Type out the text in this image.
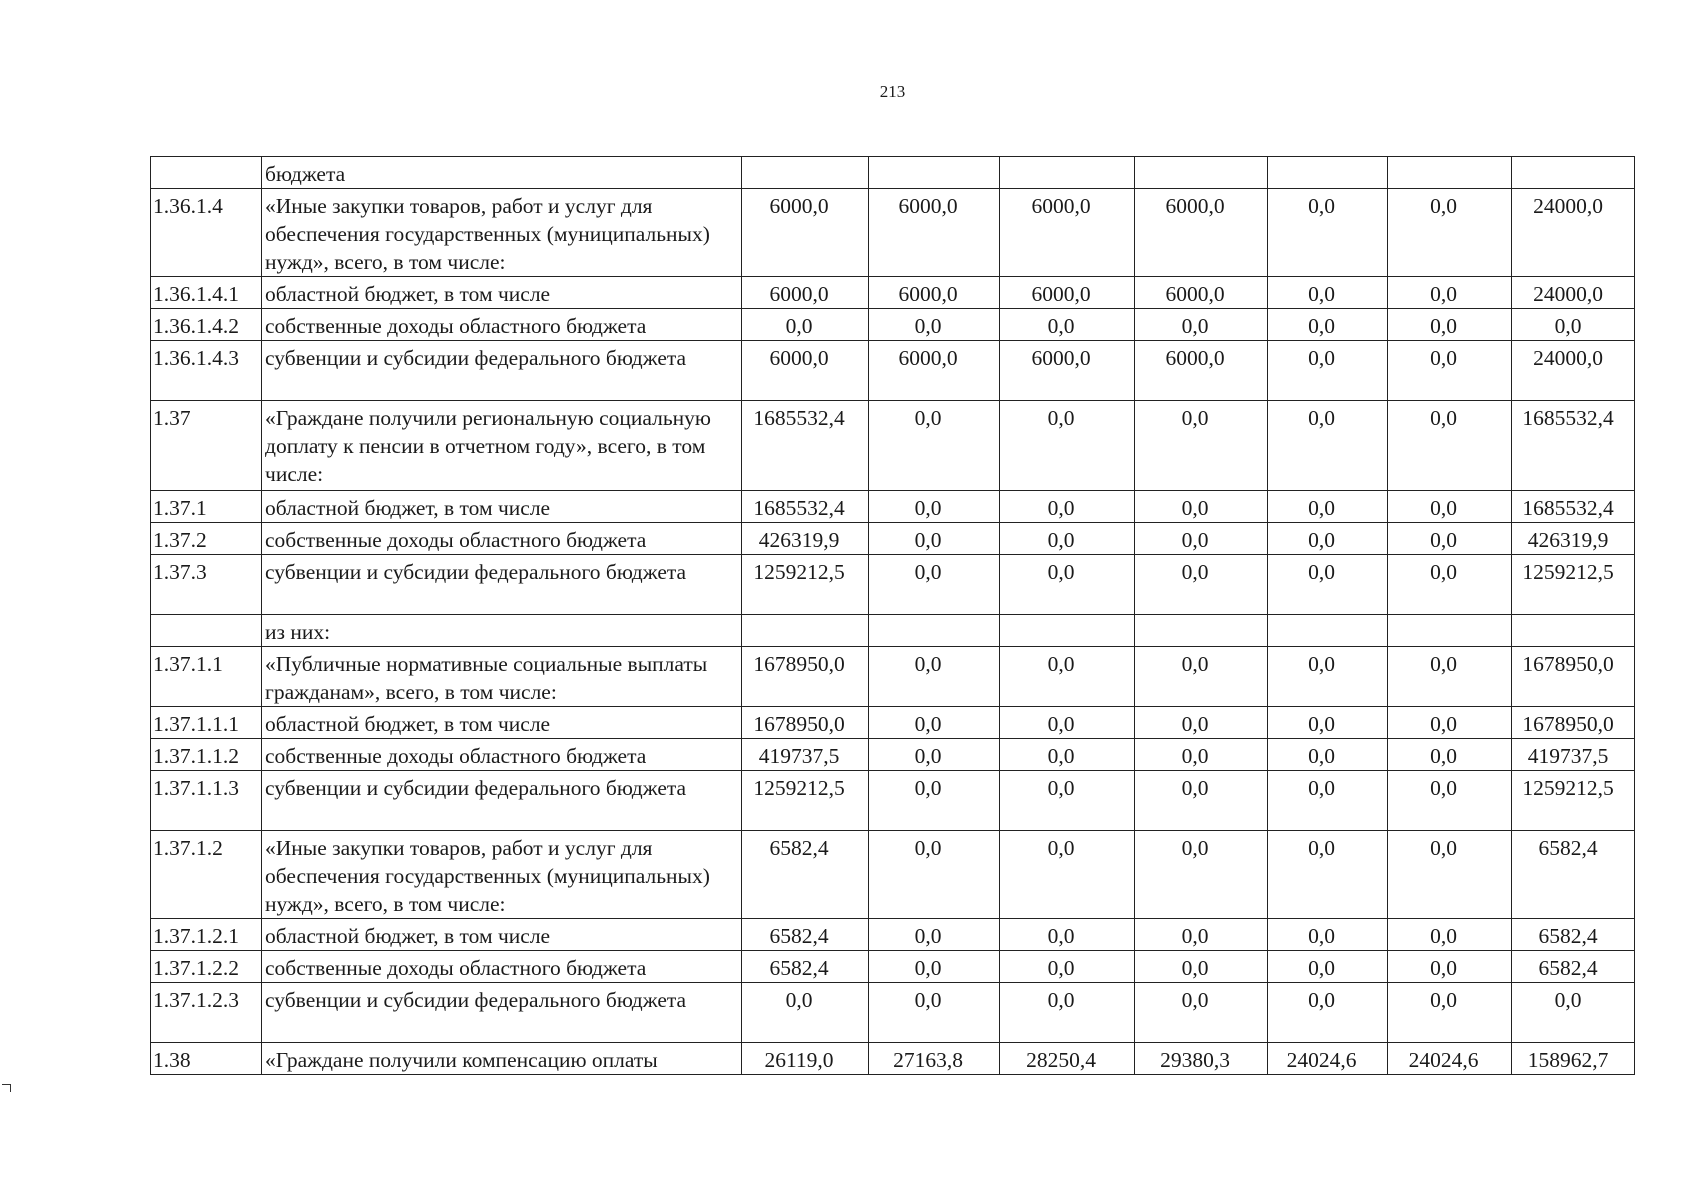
213
	бюджета							
1.36.1.4	«Иные закупки товаров, работ и услуг для обеспечения государственных (муниципальных) нужд», всего, в том числе:	6000,0	6000,0	6000,0	6000,0	0,0	0,0	24000,0
1.36.1.4.1	областной бюджет, в том числе	6000,0	6000,0	6000,0	6000,0	0,0	0,0	24000,0
1.36.1.4.2	собственные доходы областного бюджета	0,0	0,0	0,0	0,0	0,0	0,0	0,0
1.36.1.4.3	субвенции и субсидии федерального бюджета	6000,0	6000,0	6000,0	6000,0	0,0	0,0	24000,0
1.37	«Граждане получили региональную социальную доплату к пенсии в отчетном году», всего, в том числе:	1685532,4	0,0	0,0	0,0	0,0	0,0	1685532,4
1.37.1	областной бюджет, в том числе	1685532,4	0,0	0,0	0,0	0,0	0,0	1685532,4
1.37.2	собственные доходы областного бюджета	426319,9	0,0	0,0	0,0	0,0	0,0	426319,9
1.37.3	субвенции и субсидии федерального бюджета	1259212,5	0,0	0,0	0,0	0,0	0,0	1259212,5
	из них:							
1.37.1.1	«Публичные нормативные социальные выплаты гражданам», всего, в том числе:	1678950,0	0,0	0,0	0,0	0,0	0,0	1678950,0
1.37.1.1.1	областной бюджет, в том числе	1678950,0	0,0	0,0	0,0	0,0	0,0	1678950,0
1.37.1.1.2	собственные доходы областного бюджета	419737,5	0,0	0,0	0,0	0,0	0,0	419737,5
1.37.1.1.3	субвенции и субсидии федерального бюджета	1259212,5	0,0	0,0	0,0	0,0	0,0	1259212,5
1.37.1.2	«Иные закупки товаров, работ и услуг для обеспечения государственных (муниципальных) нужд», всего, в том числе:	6582,4	0,0	0,0	0,0	0,0	0,0	6582,4
1.37.1.2.1	областной бюджет, в том числе	6582,4	0,0	0,0	0,0	0,0	0,0	6582,4
1.37.1.2.2	собственные доходы областного бюджета	6582,4	0,0	0,0	0,0	0,0	0,0	6582,4
1.37.1.2.3	субвенции и субсидии федерального бюджета	0,0	0,0	0,0	0,0	0,0	0,0	0,0
1.38	«Граждане получили компенсацию оплаты	26119,0	27163,8	28250,4	29380,3	24024,6	24024,6	158962,7
